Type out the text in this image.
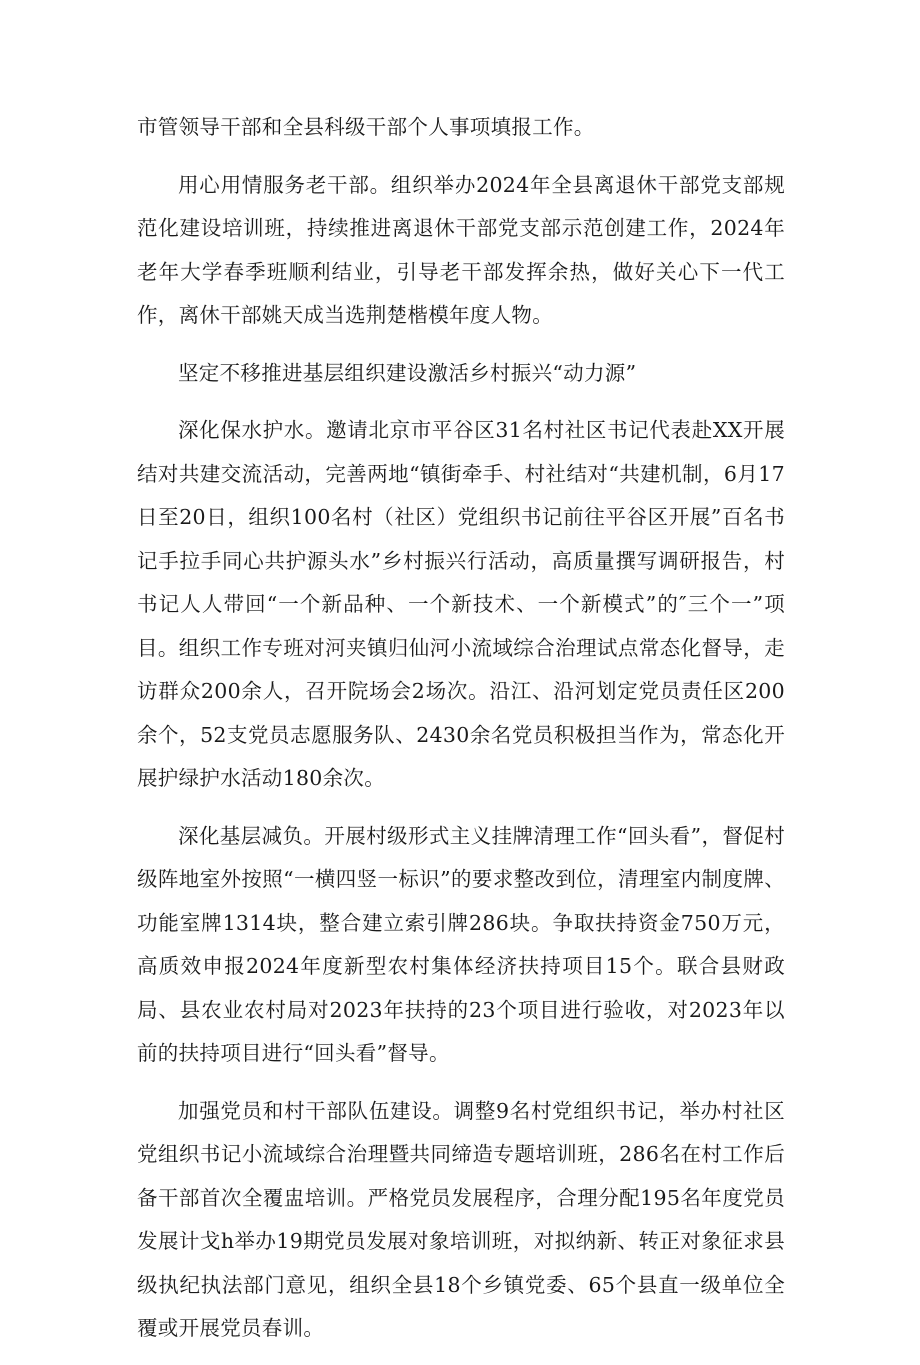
市管领导干部和全县科级干部个人事项填报工作。

用心用情服务老干部。组织举办2024年全县离退休干部党支部规范化建设培训班，持续推进离退休干部党支部示范创建工作，2024年老年大学春季班顺利结业，引导老干部发挥余热，做好关心下一代工作，离休干部姚天成当选荆楚楷模年度人物。

坚定不移推进基层组织建设激活乡村振兴“动力源”

深化保水护水。邀请北京市平谷区31名村社区书记代表赴XX开展结对共建交流活动，完善两地“镇街牵手、村社结对“共建机制，6月17日至20日，组织100名村（社区）党组织书记前往平谷区开展”百名书记手拉手同心共护源头水”乡村振兴行活动，高质量撰写调研报告，村书记人人带回“一个新品种、一个新技术、一个新模式”的″三个一”项目。组织工作专班对河夹镇归仙河小流域综合治理试点常态化督导，走访群众200余人，召开院场会2场次。沿江、沿河划定党员责任区200余个，52支党员志愿服务队、2430余名党员积极担当作为，常态化开展护绿护水活动180余次。

深化基层减负。开展村级形式主义挂牌清理工作“回头看”，督促村级阵地室外按照“一横四竖一标识”的要求整改到位，清理室内制度牌、功能室牌1314块，整合建立索引牌286块。争取扶持资金750万元，高质效申报2024年度新型农村集体经济扶持项目15个。联合县财政局、县农业农村局对2023年扶持的23个项目进行验收，对2023年以前的扶持项目进行“回头看”督导。

加强党员和村干部队伍建设。调整9名村党组织书记，举办村社区党组织书记小流域综合治理暨共同缔造专题培训班，286名在村工作后备干部首次全覆盅培训。严格党员发展程序，合理分配195名年度党员发展计戈h举办19期党员发展对象培训班，对拟纳新、转正对象征求县级执纪执法部门意见，组织全县18个乡镇党委、65个县直一级单位全覆或开展党员春训。
